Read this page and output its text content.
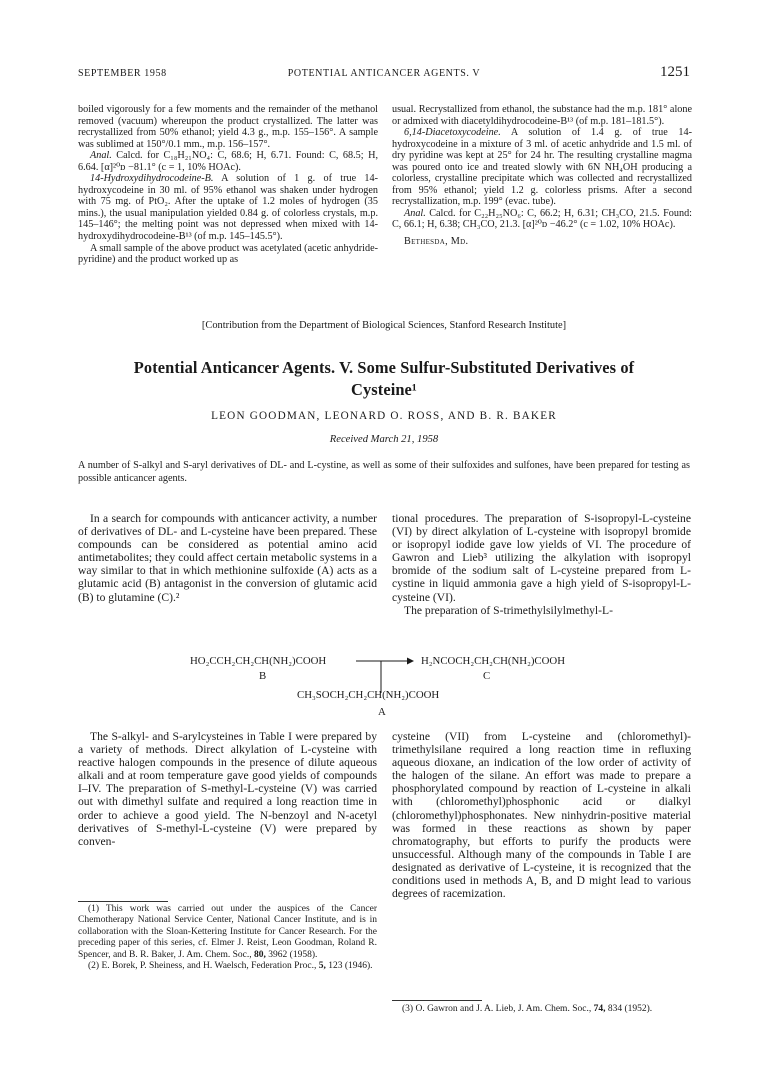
SEPTEMBER 1958	POTENTIAL ANTICANCER AGENTS. V	1251

boiled vigorously for a few moments and the remainder of the methanol removed (vacuum) whereupon the product crystallized. The latter was recrystallized from 50% ethanol; yield 4.3 g., m.p. 155–156°. A sample was sublimed at 150°/0.1 mm., m.p. 156–157°.

Anal. Calcd. for C₁₈H₂₁NO₄: C, 68.6; H, 6.71. Found: C, 68.5; H, 6.64. [α]²⁰ᴅ −81.1° (c = 1, 10% HOAc).

14-Hydroxydihydrocodeine-B. A solution of 1 g. of true 14-hydroxycodeine in 30 ml. of 95% ethanol was shaken under hydrogen with 75 mg. of PtO₂. After the uptake of 1.2 moles of hydrogen (35 mins.), the usual manipulation yielded 0.84 g. of colorless crystals, m.p. 145–146°; the melting point was not depressed when mixed with 14-hydroxydihydrocodeine-B¹³ (of m.p. 145–145.5°).

A small sample of the above product was acetylated (acetic anhydride-pyridine) and the product worked up as

usual. Recrystallized from ethanol, the substance had the m.p. 181° alone or admixed with diacetyldihydrocodeine-B¹³ (of m.p. 181–181.5°).

6,14-Diacetoxycodeine. A solution of 1.4 g. of true 14-hydroxycodeine in a mixture of 3 ml. of acetic anhydride and 1.5 ml. of dry pyridine was kept at 25° for 24 hr. The resulting crystalline magma was poured onto ice and treated slowly with 6N NH₄OH producing a colorless, crystalline precipitate which was collected and recrystallized from 95% ethanol; yield 1.2 g. colorless prisms. After a second recrystallization, m.p. 199° (evac. tube).

Anal. Calcd. for C₂₂H₂₅NO₆: C, 66.2; H, 6.31; CH₃CO, 21.5. Found: C, 66.1; H, 6.38; CH₃CO, 21.3. [α]²⁰ᴅ −46.2° (c = 1.02, 10% HOAc).

Bethesda, Md.

[Contribution from the Department of Biological Sciences, Stanford Research Institute]
Potential Anticancer Agents. V. Some Sulfur-Substituted Derivatives of
Cysteine¹
LEON GOODMAN, LEONARD O. ROSS, AND B. R. BAKER
Received March 21, 1958
A number of S-alkyl and S-aryl derivatives of DL- and L-cystine, as well as some of their sulfoxides and sulfones, have been prepared for testing as possible anticancer agents.

In a search for compounds with anticancer activity, a number of derivatives of DL- and L-cysteine have been prepared. These compounds can be considered as potential amino acid antimetabolites; they could affect certain metabolic systems in a way similar to that in which methionine sulfoxide (A) acts as a glutamic acid (B) antagonist in the conversion of glutamic acid (B) to glutamine (C).²

tional procedures. The preparation of S-isopropyl-L-cysteine (VI) by direct alkylation of L-cysteine with isopropyl bromide or isopropyl iodide gave low yields of VI. The procedure of Gawron and Lieb³ utilizing the alkylation with isopropyl bromide of the sodium salt of L-cysteine prepared from L-cystine in liquid ammonia gave a high yield of S-isopropyl-L-cysteine (VI).

The preparation of S-trimethylsilylmethyl-L-

HO₂CCH₂CH₂CH(NH₂)COOH
B
H₂NCOCH₂CH₂CH(NH₂)COOH
C
CH₃SOCH₂CH₂CH(NH₂)COOH
A

The S-alkyl- and S-arylcysteines in Table I were prepared by a variety of methods. Direct alkylation of L-cysteine with reactive halogen compounds in the presence of dilute aqueous alkali and at room temperature gave good yields of compounds I–IV. The preparation of S-methyl-L-cysteine (V) was carried out with dimethyl sulfate and required a long reaction time in order to achieve a good yield. The N-benzoyl and N-acetyl derivatives of S-methyl-L-cysteine (V) were prepared by conven-

cysteine (VII) from L-cysteine and (chloromethyl)-trimethylsilane required a long reaction time in refluxing aqueous dioxane, an indication of the low order of activity of the halogen of the silane. An effort was made to prepare a phosphorylated compound by reaction of L-cysteine in alkali with (chloromethyl)phosphonic acid or dialkyl (chloromethyl)phosphonates. New ninhydrin-positive material was formed in these reactions as shown by paper chromatography, but efforts to purify the products were unsuccessful. Although many of the compounds in Table I are designated as derivative of L-cysteine, it is recognized that the conditions used in methods A, B, and D might lead to various degrees of racemization.

(1) This work was carried out under the auspices of the Cancer Chemotherapy National Service Center, National Cancer Institute, and is in collaboration with the Sloan-Kettering Institute for Cancer Research. For the preceding paper of this series, cf. Elmer J. Reist, Leon Goodman, Roland R. Spencer, and B. R. Baker, J. Am. Chem. Soc., 80, 3962 (1958).

(2) E. Borek, P. Sheiness, and H. Waelsch, Federation Proc., 5, 123 (1946).

(3) O. Gawron and J. A. Lieb, J. Am. Chem. Soc., 74, 834 (1952).
